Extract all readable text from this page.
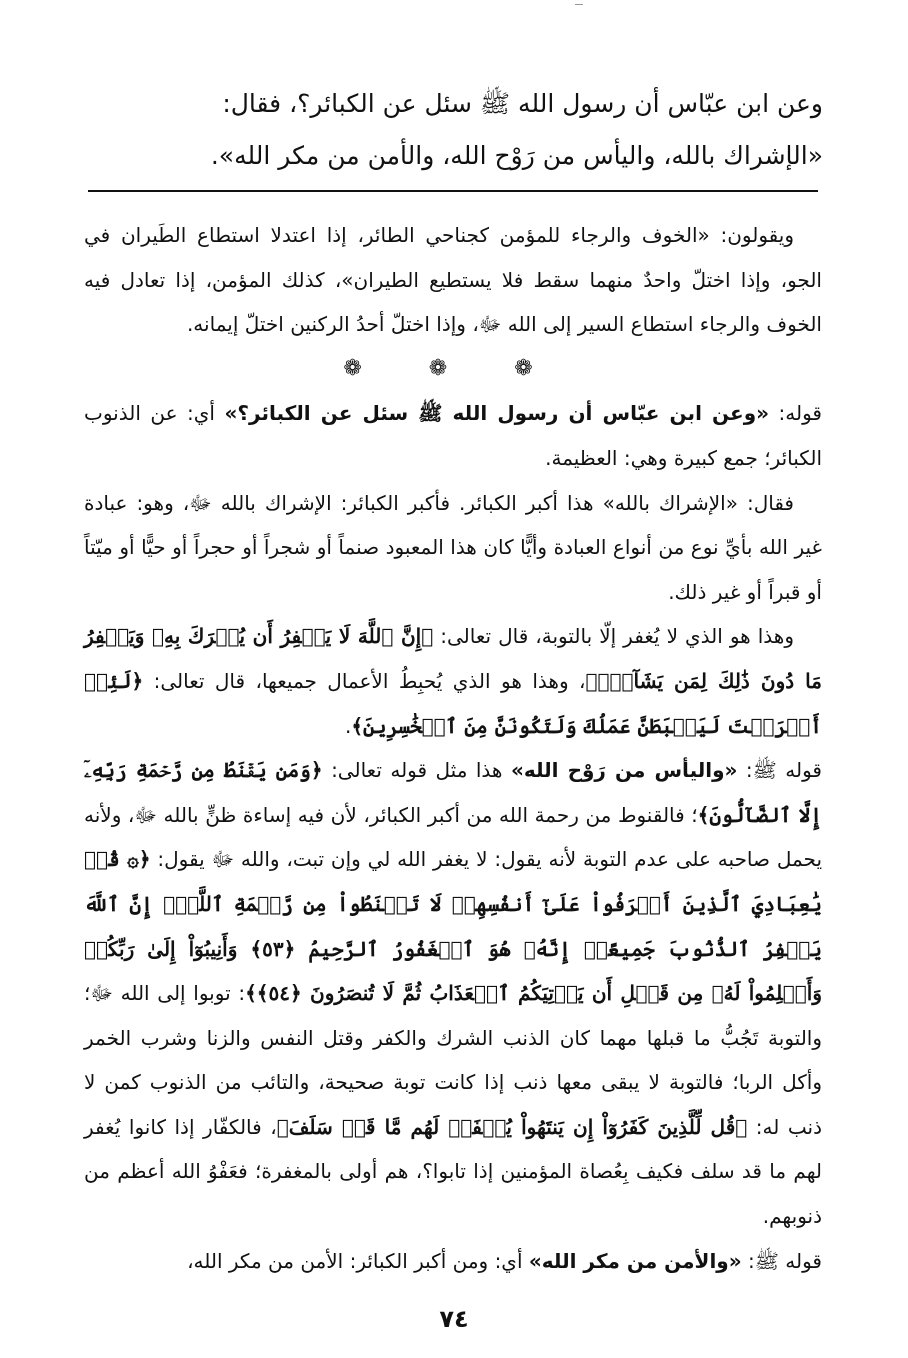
وعن ابن عبّاس أن رسول الله ﷺ سئل عن الكبائر؟، فقال:

«الإشراك بالله، واليأس من رَوْح الله، والأمن من مكر الله».

ويقولون: «الخوف والرجاء للمؤمن كجناحي الطائر، إذا اعتدلا استطاع الطَيران في الجو، وإذا اختلّ واحدٌ منهما سقط فلا يستطيع الطيران»، كذلك المؤمن، إذا تعادل فيه الخوف والرجاء استطاع السير إلى الله ﷻ، وإذا اختلّ أحدُ الركنين اختلّ إيمانه.

❁ ❁ ❁

قوله: «وعن ابن عبّاس أن رسول الله ﷺ سئل عن الكبائر؟» أي: عن الذنوب الكبائر؛ جمع كبيرة وهي: العظيمة.

فقال: «الإشراك بالله» هذا أكبر الكبائر. فأكبر الكبائر: الإشراك بالله ﷻ، وهو: عبادة غير الله بأيِّ نوع من أنواع العبادة وأيًّا كان هذا المعبود صنماً أو شجراً أو حجراً أو حيًّا أو ميّتاً أو قبراً أو غير ذلك.

وهذا هو الذي لا يُغفر إلّا بالتوبة، قال تعالى: ﴿إِنَّ ٱللَّهَ لَا يَغۡفِرُ أَن يُشۡرَكَ بِهِۦ وَيَغۡفِرُ مَا دُونَ ذَٰلِكَ لِمَن يَشَآءُۚ﴾، وهذا هو الذي يُحبِطُ الأعمال جميعها، قال تعالى: ﴿لَئِنۡ أَشۡرَكۡتَ لَيَحۡبَطَنَّ عَمَلُكَ وَلَتَكُونَنَّ مِنَ ٱلۡخَٰسِرِينَ﴾.

قوله ﷺ: «واليأس من رَوْح الله» هذا مثل قوله تعالى: ﴿وَمَن يَقۡنَطُ مِن رَّحۡمَةِ رَبِّهِۦٓ إِلَّا ٱلضَّآلُّونَ﴾؛ فالقنوط من رحمة الله من أكبر الكبائر، لأن فيه إساءة ظنٍّ بالله ﷻ، ولأنه يحمل صاحبه على عدم التوبة لأنه يقول: لا يغفر الله لي وإن تبت، والله ﷻ يقول: ﴿۞ قُلۡ يَٰعِبَادِيَ ٱلَّذِينَ أَسۡرَفُواْ عَلَىٰٓ أَنفُسِهِمۡ لَا تَقۡنَطُواْ مِن رَّحۡمَةِ ٱللَّهِۚ إِنَّ ٱللَّهَ يَغۡفِرُ ٱلذُّنُوبَ جَمِيعًاۚ إِنَّهُۥ هُوَ ٱلۡغَفُورُ ٱلرَّحِيمُ ﴿٥٣﴾ وَأَنِيبُوٓاْ إِلَىٰ رَبِّكُمۡ وَأَسۡلِمُواْ لَهُۥ مِن قَبۡلِ أَن يَأۡتِيَكُمُ ٱلۡعَذَابُ ثُمَّ لَا تُنصَرُونَ ﴿٥٤﴾﴾: توبوا إلى الله ﷻ؛ والتوبة تَجُبُّ ما قبلها مهما كان الذنب الشرك والكفر وقتل النفس والزنا وشرب الخمر وأكل الربا؛ فالتوبة لا يبقى معها ذنب إذا كانت توبة صحيحة، والتائب من الذنوب كمن لا ذنب له: ﴿قُل لِّلَّذِينَ كَفَرُوٓاْ إِن يَنتَهُواْ يُغۡفَرۡ لَهُم مَّا قَدۡ سَلَفَ﴾، فالكفّار إذا كانوا يُغفر لهم ما قد سلف فكيف بِعُصاة المؤمنين إذا تابوا؟، هم أولى بالمغفرة؛ فعَفْوُ الله أعظم من ذنوبهم.

قوله ﷺ: «والأمن من مكر الله» أي: ومن أكبر الكبائر: الأمن من مكر الله،

٧٤
